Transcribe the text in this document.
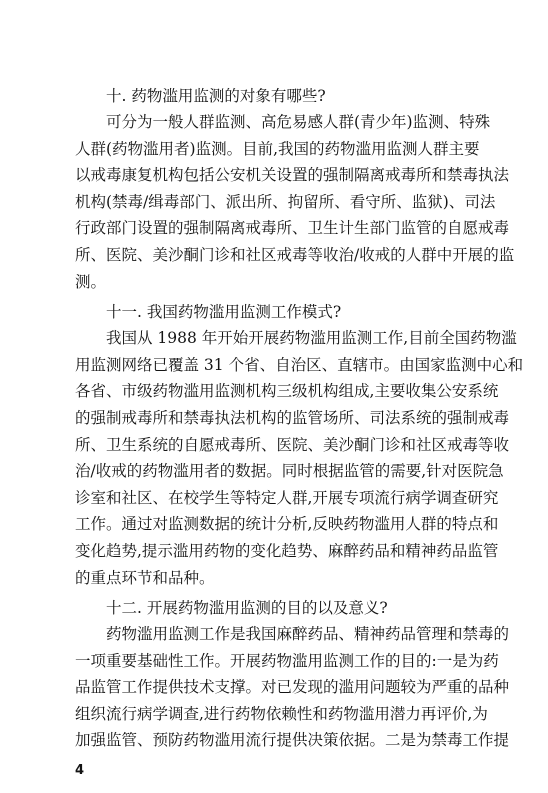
十. 药物滥用监测的对象有哪些?

可分为一般人群监测、高危易感人群(青少年)监测、特殊
人群(药物滥用者)监测。目前,我国的药物滥用监测人群主要
以戒毒康复机构包括公安机关设置的强制隔离戒毒所和禁毒执法
机构(禁毒/缉毒部门、派出所、拘留所、看守所、监狱)、司法
行政部门设置的强制隔离戒毒所、卫生计生部门监管的自愿戒毒
所、医院、美沙酮门诊和社区戒毒等收治/收戒的人群中开展的监
测。

十一. 我国药物滥用监测工作模式?

我国从 1988 年开始开展药物滥用监测工作,目前全国药物滥
用监测网络已覆盖 31 个省、自治区、直辖市。由国家监测中心和
各省、市级药物滥用监测机构三级机构组成,主要收集公安系统
的强制戒毒所和禁毒执法机构的监管场所、司法系统的强制戒毒
所、卫生系统的自愿戒毒所、医院、美沙酮门诊和社区戒毒等收
治/收戒的药物滥用者的数据。同时根据监管的需要,针对医院急
诊室和社区、在校学生等特定人群,开展专项流行病学调查研究
工作。通过对监测数据的统计分析,反映药物滥用人群的特点和
变化趋势,提示滥用药物的变化趋势、麻醉药品和精神药品监管
的重点环节和品种。

十二. 开展药物滥用监测的目的以及意义?

药物滥用监测工作是我国麻醉药品、精神药品管理和禁毒的
一项重要基础性工作。开展药物滥用监测工作的目的:一是为药
品监管工作提供技术支撑。对已发现的滥用问题较为严重的品种
组织流行病学调查,进行药物依赖性和药物滥用潜力再评价,为
加强监管、预防药物滥用流行提供决策依据。二是为禁毒工作提
4
